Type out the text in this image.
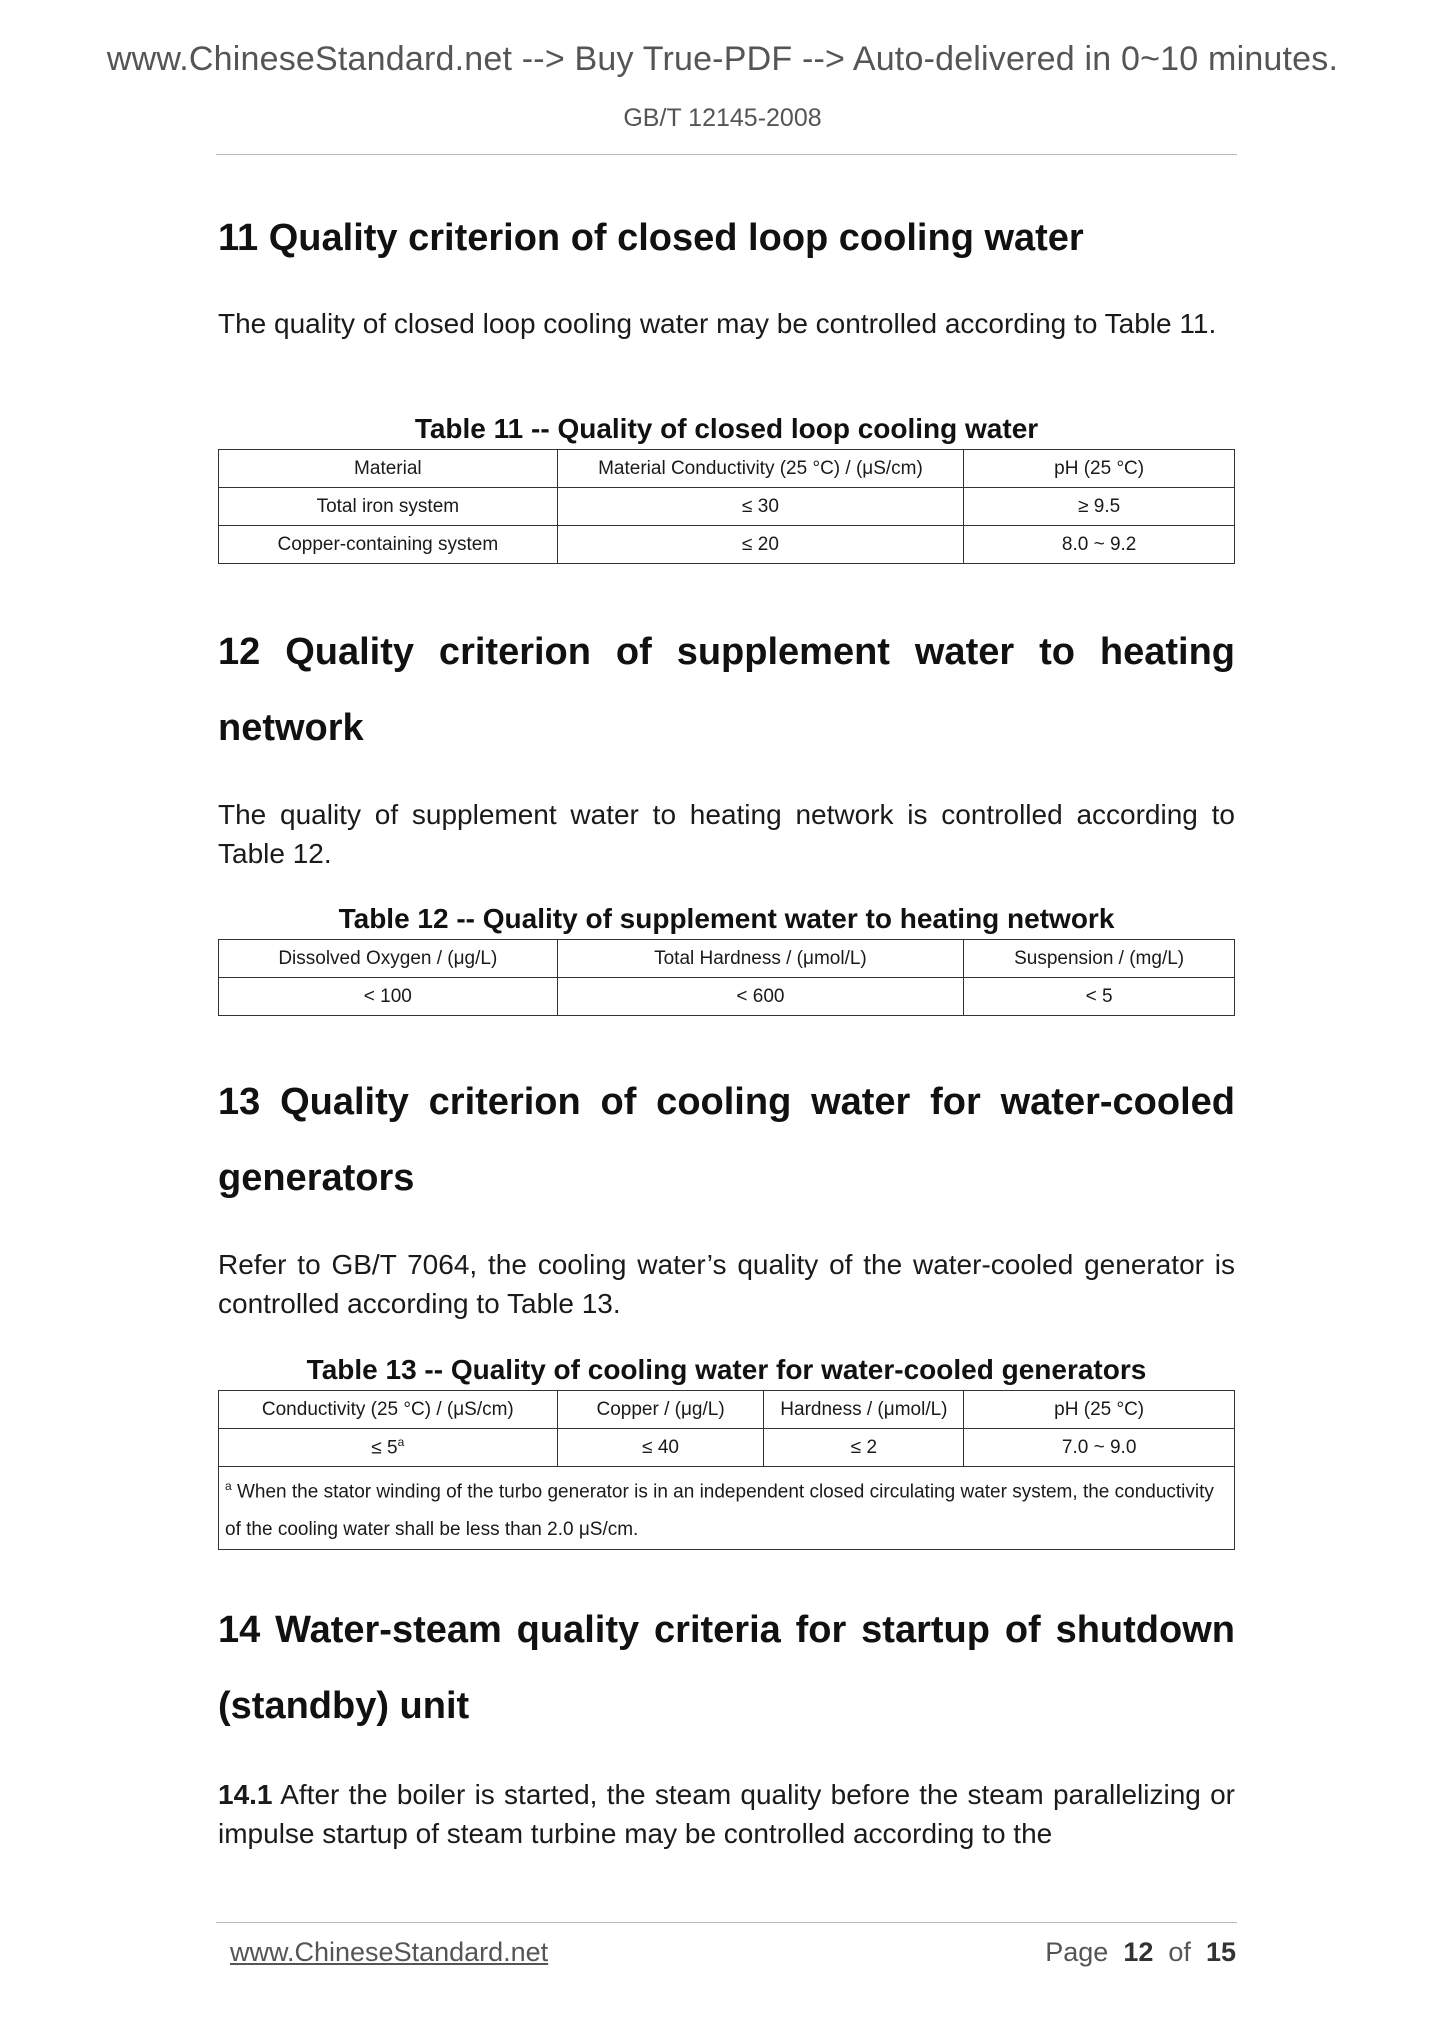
www.ChineseStandard.net --> Buy True-PDF --> Auto-delivered in 0~10 minutes.
GB/T 12145-2008
11 Quality criterion of closed loop cooling water

The quality of closed loop cooling water may be controlled according to Table 11.

Table 11 -- Quality of closed loop cooling water
Material	Material Conductivity (25 °C) / (μS/cm)	pH (25 °C)
Total iron system	≤ 30	≥ 9.5
Copper-containing system	≤ 20	8.0 ~ 9.2
12 Quality criterion of supplement water to heating
network

The quality of supplement water to heating network is controlled according to Table 12.

Table 12 -- Quality of supplement water to heating network
Dissolved Oxygen / (μg/L)	Total Hardness / (μmol/L)	Suspension / (mg/L)
< 100	< 600	< 5
13 Quality criterion of cooling water for water-cooled
generators

Refer to GB/T 7064, the cooling water’s quality of the water-cooled generator is controlled according to Table 13.

Table 13 -- Quality of cooling water for water-cooled generators
Conductivity (25 °C) / (μS/cm)	Copper / (μg/L)	Hardness / (μmol/L)	pH (25 °C)
≤ $5^a$	≤ 40	≤ 2	7.0 ~ 9.0
$^a$ When the stator winding of the turbo generator is in an independent closed circulating water system, the conductivity of the cooling water shall be less than 2.0 μS/cm.			
14 Water-steam quality criteria for startup of shutdown
(standby) unit

14.1 After the boiler is started, the steam quality before the steam parallelizing or impulse startup of steam turbine may be controlled according to the

www.ChineseStandard.net	Page 12 of 15
